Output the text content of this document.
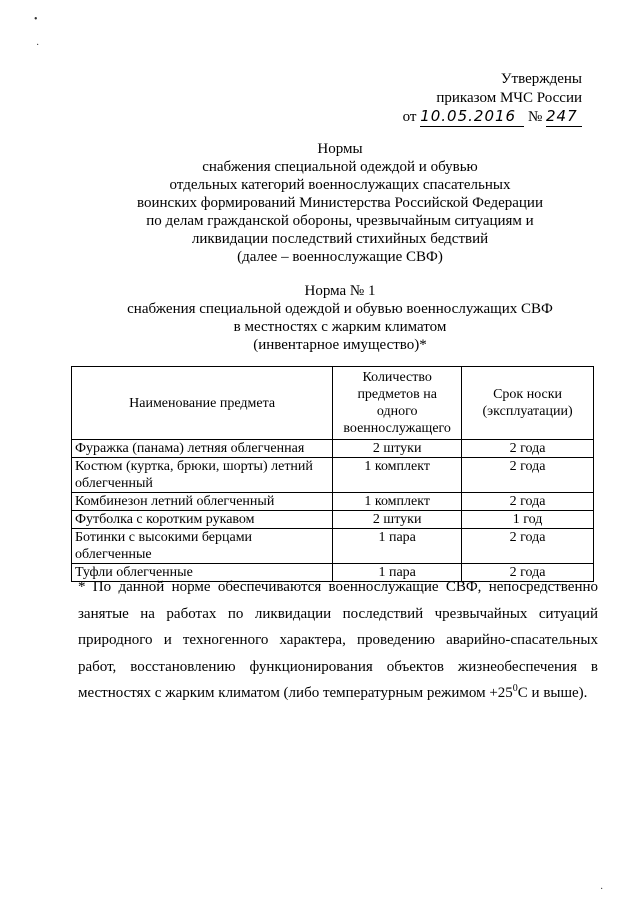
•
·
Утверждены
приказом МЧС России
от 10.05.2016 № 247
Нормы
снабжения специальной одеждой и обувью
отдельных категорий военнослужащих спасательных
воинских формирований Министерства Российской Федерации
по делам гражданской обороны, чрезвычайным ситуациям и
ликвидации последствий стихийных бедствий
(далее – военнослужащие СВФ)
Норма № 1
снабжения специальной одеждой и обувью военнослужащих СВФ
в местностях с жарким климатом
(инвентарное имущество)*
Наименование предмета	Количество предметов на одного военнослужащего	Срок носки (эксплуатации)
Фуражка (панама) летняя облегченная	2 штуки	2 года
Костюм (куртка, брюки, шорты) летний облегченный	1 комплект	2 года
Комбинезон летний облегченный	1 комплект	2 года
Футболка с коротким рукавом	2 штуки	1 год
Ботинки с высокими берцами облегченные	1 пара	2 года
Туфли облегченные	1 пара	2 года
* По данной норме обеспечиваются военнослужащие СВФ, непосредственно занятые на работах по ликвидации последствий чрезвычайных ситуаций природного и техногенного характера, проведению аварийно-спасательных работ, восстановлению функционирования объектов жизнеобеспечения в местностях с жарким климатом (либо температурным режимом $+25^0С$ и выше).
·
